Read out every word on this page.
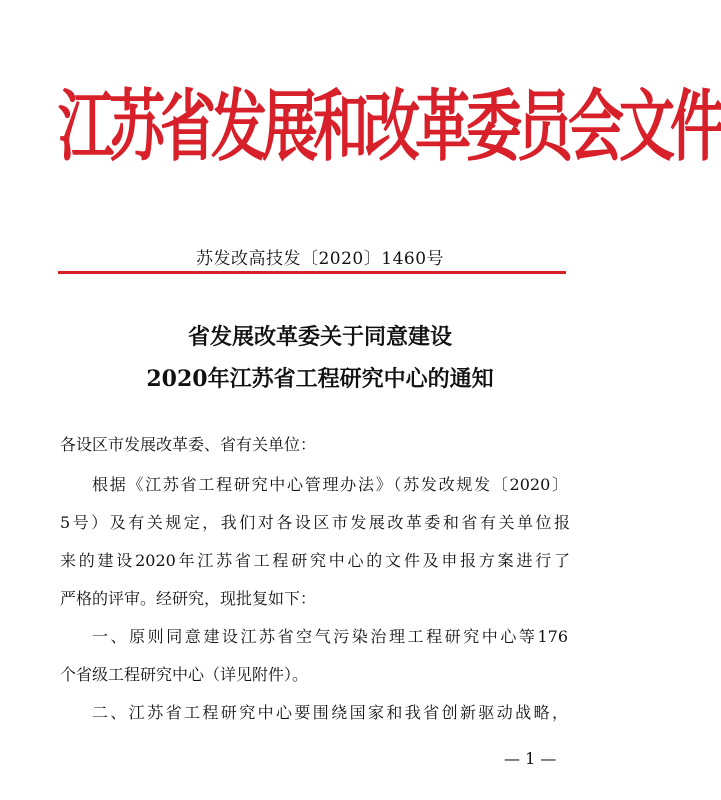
江苏省发展和改革委员会文件
苏发改高技发〔2020〕1460号
省发展改革委关于同意建设
2020年江苏省工程研究中心的通知
各设区市发展改革委、省有关单位：
根据《江苏省工程研究中心管理办法》（苏发改规发〔2020〕
5号）及有关规定，我们对各设区市发展改革委和省有关单位报
来的建设2020年江苏省工程研究中心的文件及申报方案进行了
严格的评审。经研究，现批复如下：
一、原则同意建设江苏省空气污染治理工程研究中心等176
个省级工程研究中心（详见附件）。
二、江苏省工程研究中心要围绕国家和我省创新驱动战略，
— 1 —
